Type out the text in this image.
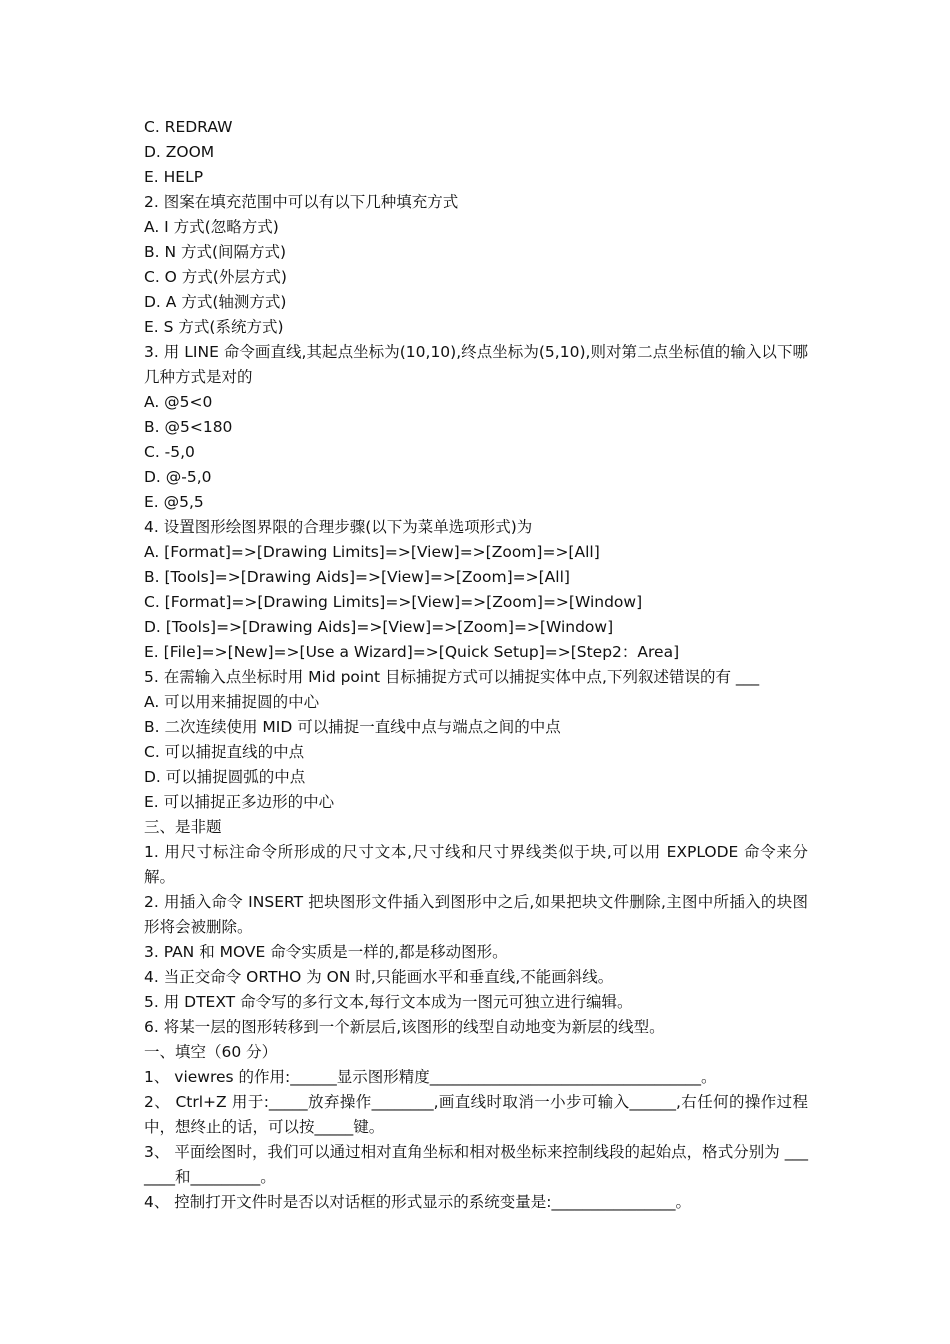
C. REDRAW
D. ZOOM
E. HELP
2. 图案在填充范围中可以有以下几种填充方式
A. I 方式(忽略方式)
B. N 方式(间隔方式)
C. O 方式(外层方式)
D. A 方式(轴测方式)
E. S 方式(系统方式)
3. 用 LINE 命令画直线,其起点坐标为(10,10),终点坐标为(5,10),则对第二点坐标值的输入以下哪几种方式是对的
A. @5<0
B. @5<180
C. -5,0
D. @-5,0
E. @5,5
4. 设置图形绘图界限的合理步骤(以下为菜单选项形式)为
A. [Format]=>[Drawing Limits]=>[View]=>[Zoom]=>[All]
B. [Tools]=>[Drawing Aids]=>[View]=>[Zoom]=>[All]
C. [Format]=>[Drawing Limits]=>[View]=>[Zoom]=>[Window]
D. [Tools]=>[Drawing Aids]=>[View]=>[Zoom]=>[Window]
E. [File]=>[New]=>[Use a Wizard]=>[Quick Setup]=>[Step2：Area]
5. 在需输入点坐标时用 Mid point 目标捕捉方式可以捕捉实体中点,下列叙述错误的有 ___
A. 可以用来捕捉圆的中心
B. 二次连续使用 MID 可以捕捉一直线中点与端点之间的中点
C. 可以捕捉直线的中点
D. 可以捕捉圆弧的中点
E. 可以捕捉正多边形的中心
三、是非题
1. 用尺寸标注命令所形成的尺寸文本,尺寸线和尺寸界线类似于块,可以用 EXPLODE 命令来分解。
2. 用插入命令 INSERT 把块图形文件插入到图形中之后,如果把块文件删除,主图中所插入的块图形将会被删除。
3. PAN 和 MOVE 命令实质是一样的,都是移动图形。
4. 当正交命令 ORTHO 为 ON 时,只能画水平和垂直线,不能画斜线。
5. 用 DTEXT 命令写的多行文本,每行文本成为一图元可独立进行编辑。
6. 将某一层的图形转移到一个新层后,该图形的线型自动地变为新层的线型。
一、填空（60 分）
1、 viewres 的作用:______显示图形精度___________________________________。
2、 Ctrl+Z 用于:_____放弃操作________,画直线时取消一小步可输入______,右任何的操作过程中，想终止的话，可以按_____键。
3、 平面绘图时，我们可以通过相对直角坐标和相对极坐标来控制线段的起始点，格式分别为 _______和_________。
4、 控制打开文件时是否以对话框的形式显示的系统变量是:________________。
